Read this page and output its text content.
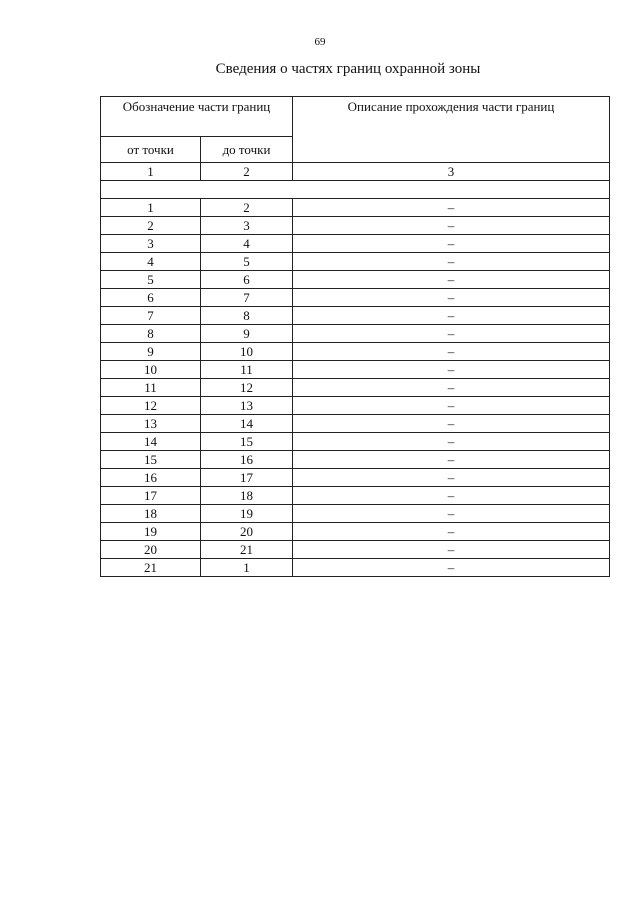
69
Сведения о частях границ охранной зоны
Обозначение части границ		Описание прохождения части границ
от точки	до точки	
1	2	3

1	2	–
2	3	–
3	4	–
4	5	–
5	6	–
6	7	–
7	8	–
8	9	–
9	10	–
10	11	–
11	12	–
12	13	–
13	14	–
14	15	–
15	16	–
16	17	–
17	18	–
18	19	–
19	20	–
20	21	–
21	1	–
